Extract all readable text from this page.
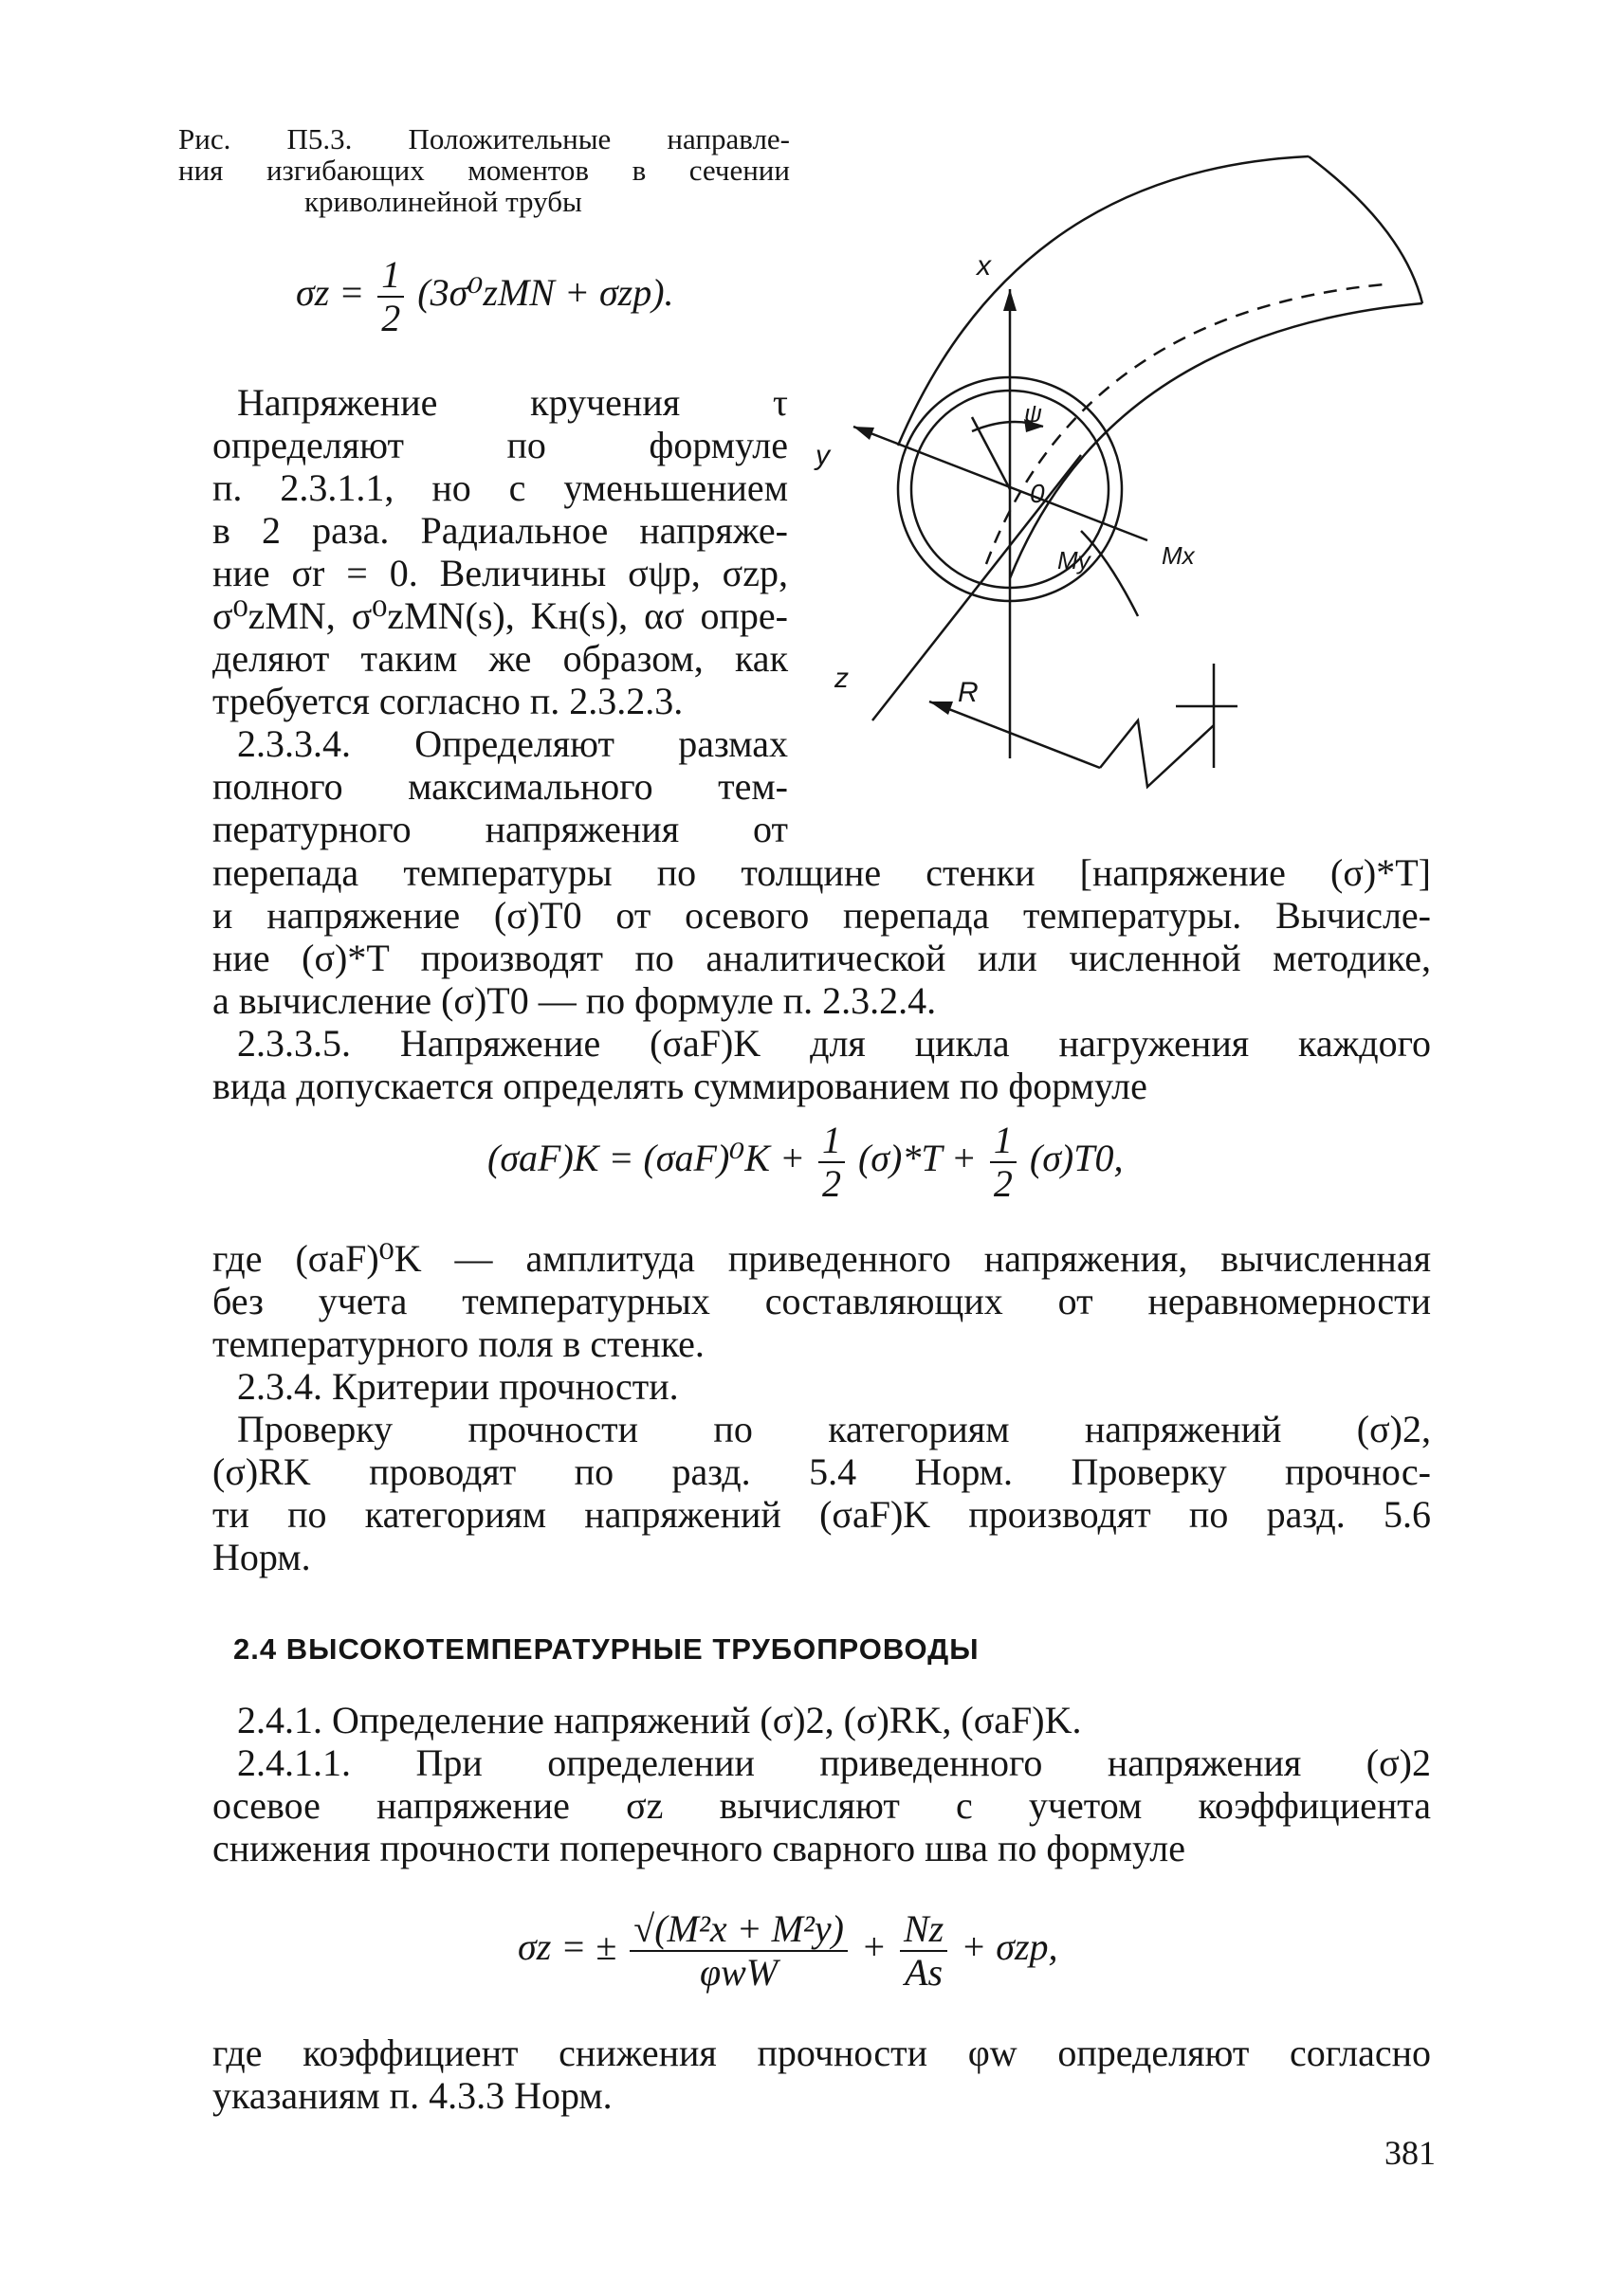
Рис. П5.3. Положительные направле-
ния изгибающих моментов в сечении
криволинейной трубы
$\sigma z = \frac{1}{2} (3\sigma^0zMN + \sigma zp)$.
Напряжение кручения τ
определяют по формуле
п. 2.3.1.1, но с уменьшением
в 2 раза. Радиальное напряже-
ние σr = 0. Величины σψp, σzp,
σ⁰zMN, σ⁰zMN(s), Kн(s), ασ опре-
деляют таким же образом, как
требуется согласно п. 2.3.2.3.
2.3.3.4. Определяют размах
полного максимального тем-
пературного напряжения от
перепада температуры по толщине стенки [напряжение (σ)*T]
и напряжение (σ)T0 от осевого перепада температуры. Вычисле-
ние (σ)*T производят по аналитической или численной методике,
а вычисление (σ)T0 — по формуле п. 2.3.2.4.
2.3.3.5. Напряжение (σaF)K для цикла нагружения каждого
вида допускается определять суммированием по формуле
$(\sigma aF)K = (\sigma aF)^0K + \frac{1}{2} (\sigma)*T + \frac{1}{2} (\sigma)T0$,
где (σaF)⁰K — амплитуда приведенного напряжения, вычисленная
без учета температурных составляющих от неравномерности
температурного поля в стенке.
2.3.4. Критерии прочности.
Проверку прочности по категориям напряжений (σ)2,
(σ)RK проводят по разд. 5.4 Норм. Проверку прочнос-
ти по категориям напряжений (σaF)K производят по разд. 5.6
Норм.
2.4 ВЫСОКОТЕМПЕРАТУРНЫЕ ТРУБОПРОВОДЫ
2.4.1. Определение напряжений (σ)2, (σ)RK, (σaF)K.
2.4.1.1. При определении приведенного напряжения (σ)2
осевое напряжение σz вычисляют с учетом коэффициента
снижения прочности поперечного сварного шва по формуле
σz = ± $\frac{\text{√(M²x + M²y)}}{\text{φwW}} + \frac{Nz}{As} + \sigma zp$,
где коэффициент снижения прочности φw определяют согласно
указаниям п. 4.3.3 Норм.
381
x
y
z
ψ
0
My	Mx
R
